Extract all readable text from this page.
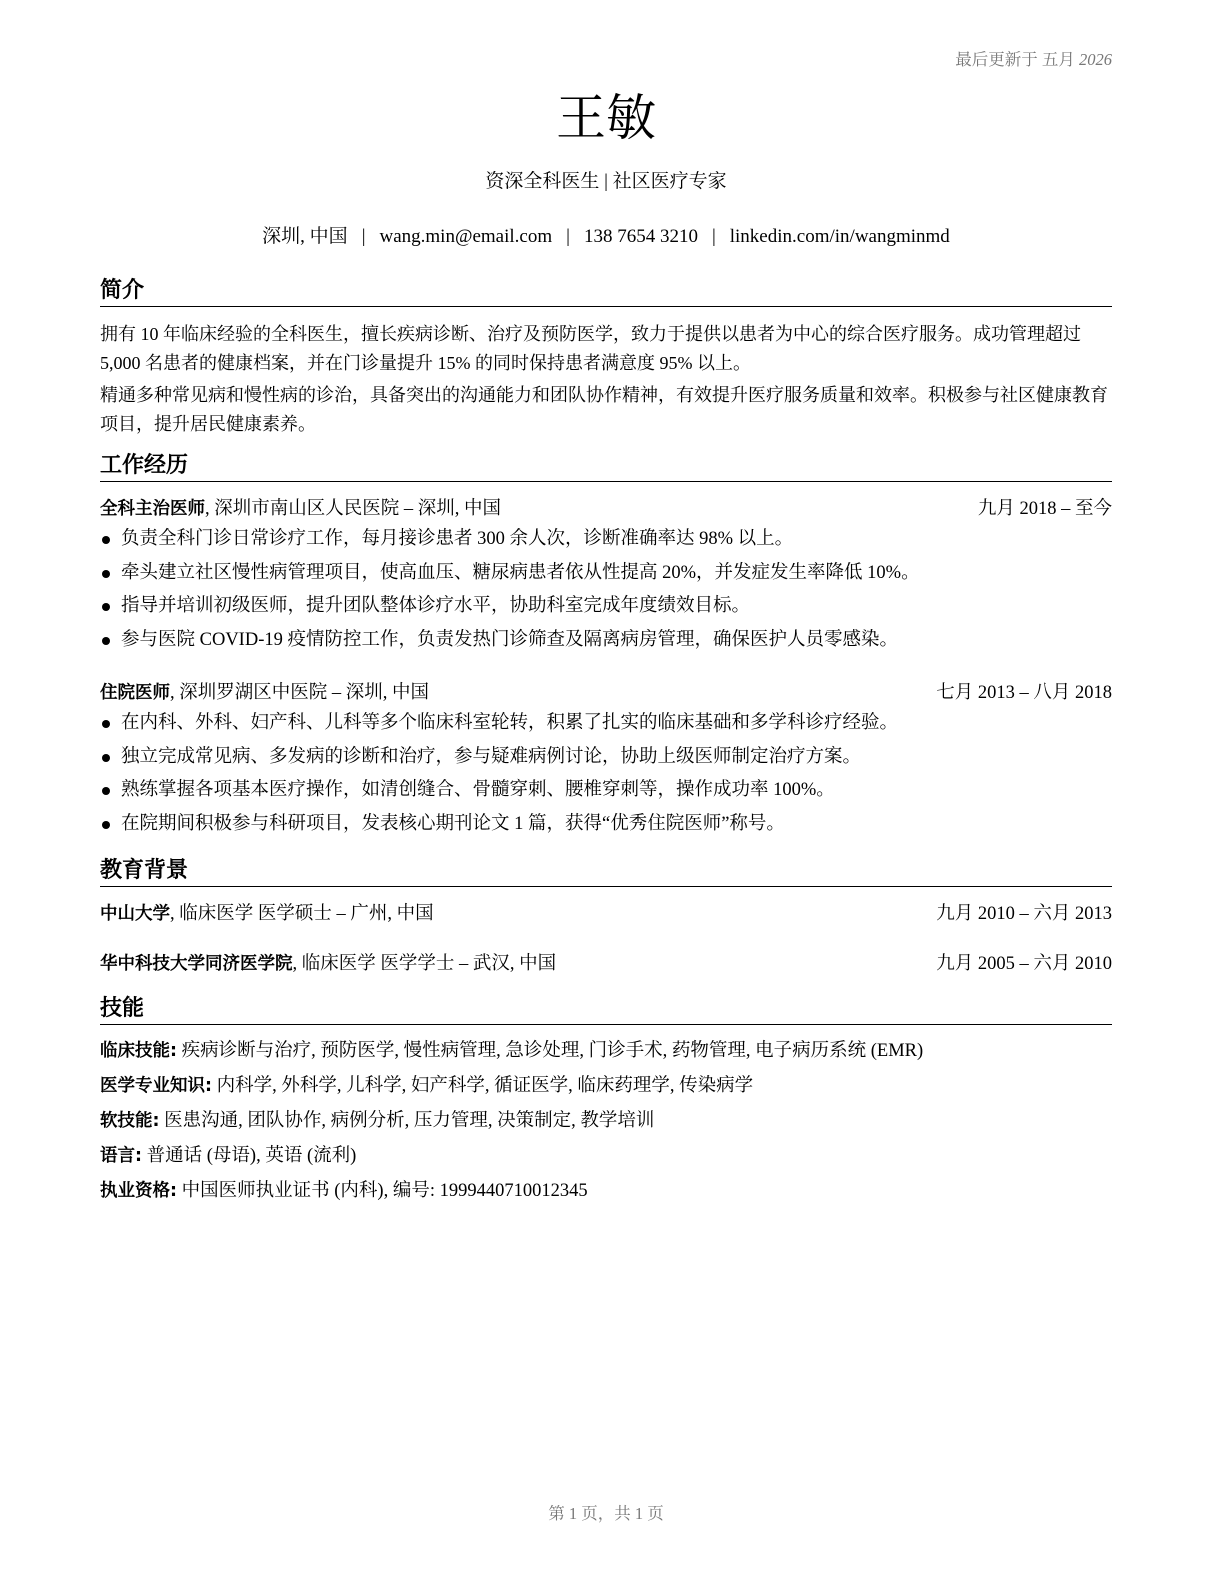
最后更新于 五月 2026
王敏
资深全科医生 | 社区医疗专家
深圳, 中国 | wang.min@email.com | 138 7654 3210 | linkedin.com/in/wangminmd
简介

拥有 10 年临床经验的全科医生，擅长疾病诊断、治疗及预防医学，致力于提供以患者为中心的综合医疗服务。成功管理超过 5,000 名患者的健康档案，并在门诊量提升 15% 的同时保持患者满意度 95% 以上。

精通多种常见病和慢性病的诊治，具备突出的沟通能力和团队协作精神，有效提升医疗服务质量和效率。积极参与社区健康教育项目，提升居民健康素养。

工作经历
全科主治医师, 深圳市南山区人民医院 – 深圳, 中国	九月 2018 – 至今
负责全科门诊日常诊疗工作，每月接诊患者 300 余人次，诊断准确率达 98% 以上。
牵头建立社区慢性病管理项目，使高血压、糖尿病患者依从性提高 20%，并发症发生率降低 10%。
指导并培训初级医师，提升团队整体诊疗水平，协助科室完成年度绩效目标。
参与医院 COVID-19 疫情防控工作，负责发热门诊筛查及隔离病房管理，确保医护人员零感染。
住院医师, 深圳罗湖区中医院 – 深圳, 中国	七月 2013 – 八月 2018
在内科、外科、妇产科、儿科等多个临床科室轮转，积累了扎实的临床基础和多学科诊疗经验。
独立完成常见病、多发病的诊断和治疗，参与疑难病例讨论，协助上级医师制定治疗方案。
熟练掌握各项基本医疗操作，如清创缝合、骨髓穿刺、腰椎穿刺等，操作成功率 100%。
在院期间积极参与科研项目，发表核心期刊论文 1 篇，获得“优秀住院医师”称号。
教育背景
中山大学, 临床医学 医学硕士 – 广州, 中国	九月 2010 – 六月 2013
华中科技大学同济医学院, 临床医学 医学学士 – 武汉, 中国	九月 2005 – 六月 2010
技能
临床技能: 疾病诊断与治疗, 预防医学, 慢性病管理, 急诊处理, 门诊手术, 药物管理, 电子病历系统 (EMR)
医学专业知识: 内科学, 外科学, 儿科学, 妇产科学, 循证医学, 临床药理学, 传染病学
软技能: 医患沟通, 团队协作, 病例分析, 压力管理, 决策制定, 教学培训
语言: 普通话 (母语), 英语 (流利)
执业资格: 中国医师执业证书 (内科), 编号: 1999440710012345
第 1 页，共 1 页
